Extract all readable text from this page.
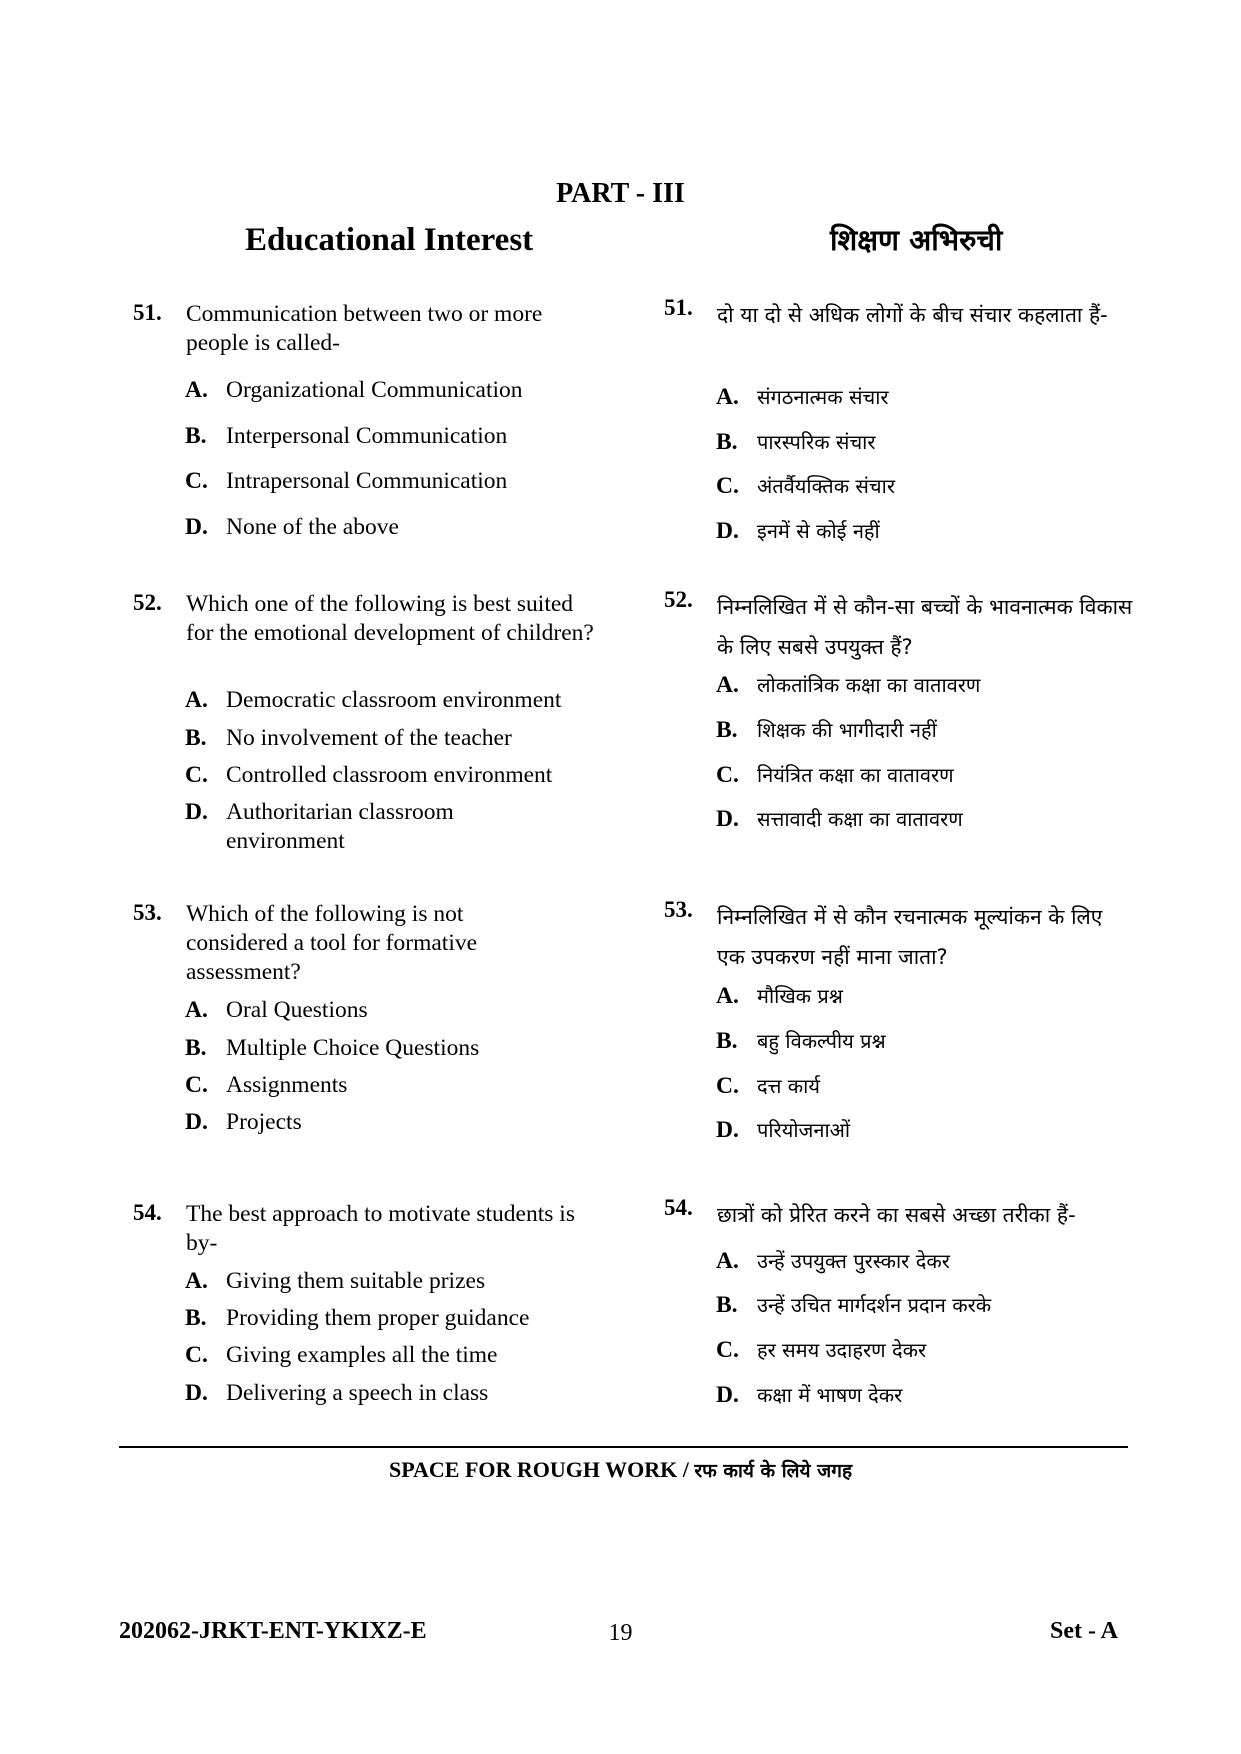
PART - III
Educational Interest	शिक्षण अभिरुची
51. Communication between two or more people is called-
A. Organizational Communication
B. Interpersonal Communication
C. Intrapersonal Communication
D. None of the above
52. Which one of the following is best suited for the emotional development of children?
A. Democratic classroom environment
B. No involvement of the teacher
C. Controlled classroom environment
D. Authoritarian classroom environment
53. Which of the following is not considered a tool for formative assessment?
A. Oral Questions
B. Multiple Choice Questions
C. Assignments
D. Projects
54. The best approach to motivate students is by-
A. Giving them suitable prizes
B. Providing them proper guidance
C. Giving examples all the time
D. Delivering a speech in class
51. दो या दो से अधिक लोगों के बीच संचार कहलाता हैं-
A. संगठनात्मक संचार
B. पारस्परिक संचार
C. अंतर्वैयक्तिक संचार
D. इनमें से कोई नहीं
52. निम्नलिखित में से कौन-सा बच्चों के भावनात्मक विकास के लिए सबसे उपयुक्त हैं?
A. लोकतांत्रिक कक्षा का वातावरण
B. शिक्षक की भागीदारी नहीं
C. नियंत्रित कक्षा का वातावरण
D. सत्तावादी कक्षा का वातावरण
53. निम्नलिखित में से कौन रचनात्मक मूल्यांकन के लिए एक उपकरण नहीं माना जाता?
A. मौखिक प्रश्न
B. बहु विकल्पीय प्रश्न
C. दत्त कार्य
D. परियोजनाओं
54. छात्रों को प्रेरित करने का सबसे अच्छा तरीका हैं-
A. उन्हें उपयुक्त पुरस्कार देकर
B. उन्हें उचित मार्गदर्शन प्रदान करके
C. हर समय उदाहरण देकर
D. कक्षा में भाषण देकर
SPACE FOR ROUGH WORK / रफ कार्य के लिये जगह
202062-JRKT-ENT-YKIXZ-E	19	Set - A
